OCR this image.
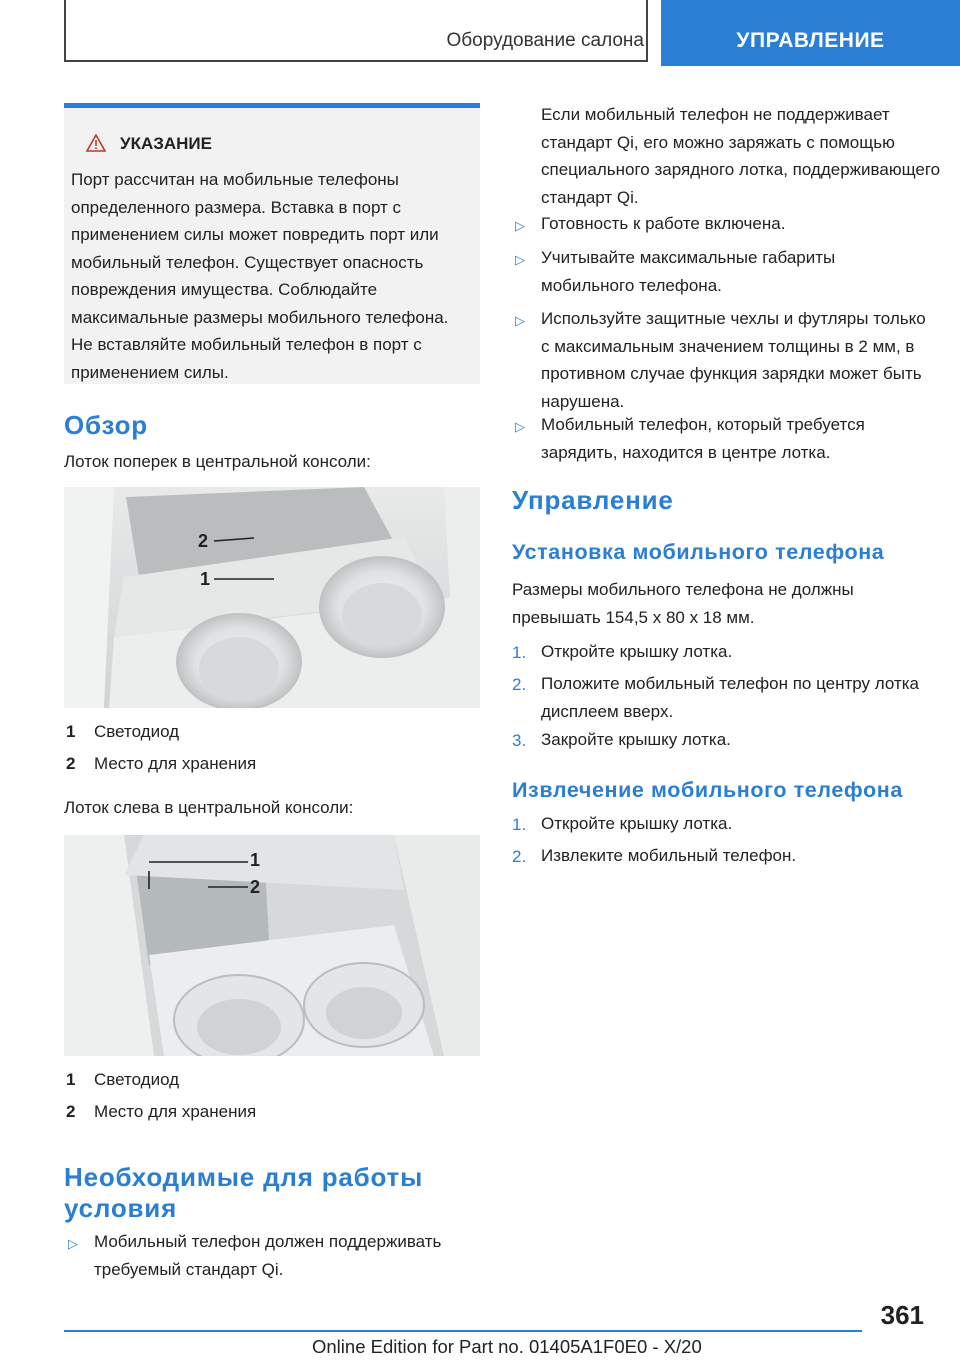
Оборудование салона	УПРАВЛЕНИЕ
УКАЗАНИЕ
Порт рассчитан на мобильные телефоны определенного размера. Вставка в порт с применением силы может повредить порт или мобильный телефон. Существует опасность повреждения имущества. Соблюдайте максимальные размеры мобильного телефона. Не вставляйте мобильный телефон в порт с применением силы.
Обзор
Лоток поперек в центральной консоли:
2
1
1 Светодиод
2 Место для хранения
Лоток слева в центральной консоли:
1
2
1 Светодиод
2 Место для хранения
Необходимые для работы
условия
▷ Мобильный телефон должен поддерживать требуемый стандарт Qi.
Если мобильный телефон не поддерживает стандарт Qi, его можно заряжать с помощью специального зарядного лотка, поддерживающего стандарт Qi.
▷ Готовность к работе включена.
▷ Учитывайте максимальные габариты мобильного телефона.
▷ Используйте защитные чехлы и футляры только с максимальным значением толщины в 2 мм, в противном случае функция зарядки может быть нарушена.
▷ Мобильный телефон, который требуется зарядить, находится в центре лотка.
Управление
Установка мобильного телефона
Размеры мобильного телефона не должны превышать 154,5 x 80 x 18 мм.
1. Откройте крышку лотка.
2. Положите мобильный телефон по центру лотка дисплеем вверх.
3. Закройте крышку лотка.
Извлечение мобильного телефона
1. Откройте крышку лотка.
2. Извлеките мобильный телефон.
361
Online Edition for Part no. 01405A1F0E0 - X/20
